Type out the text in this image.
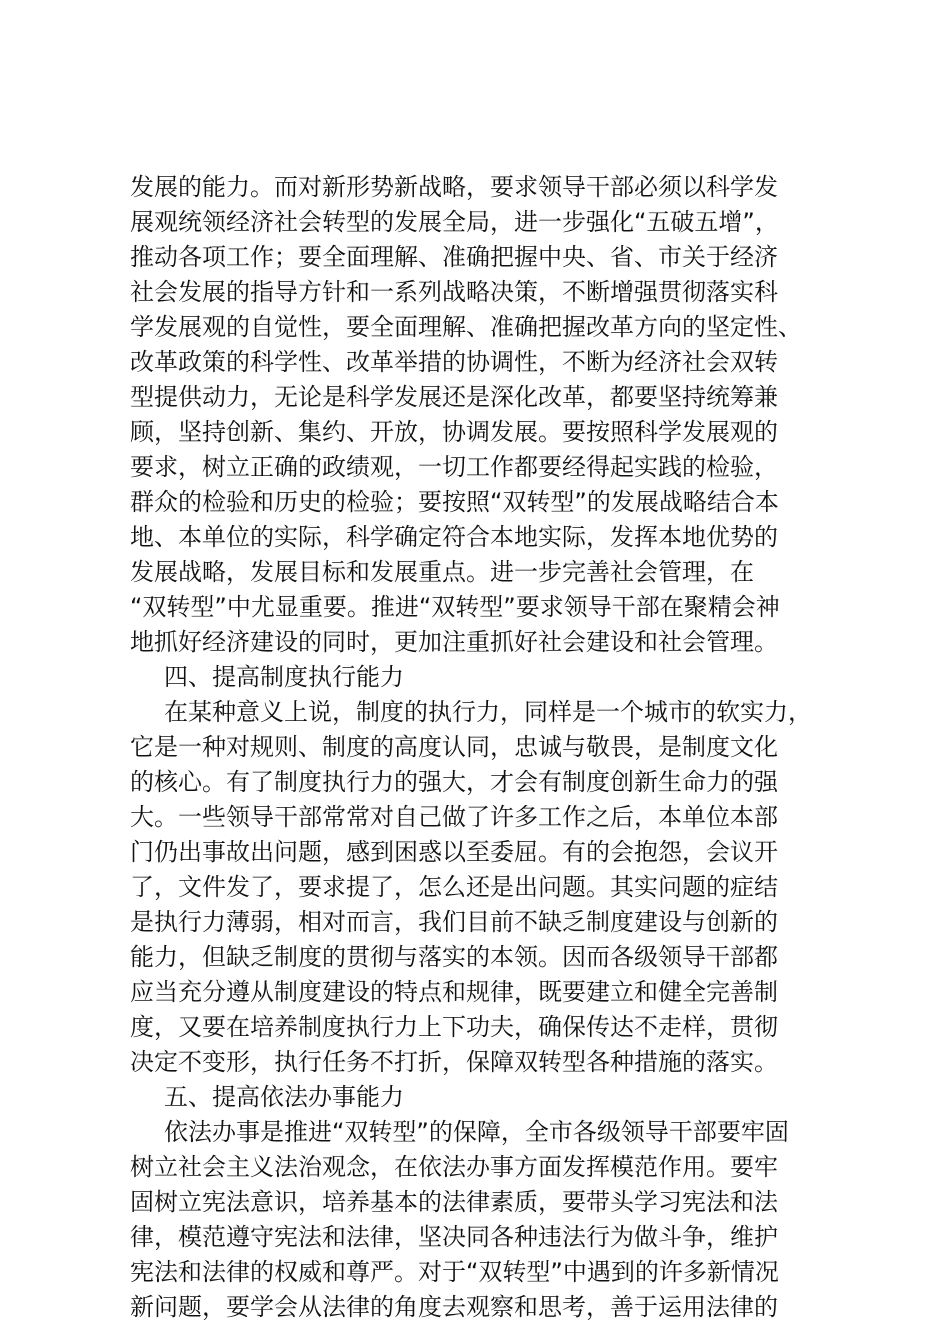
发展的能力。而对新形势新战略，要求领导干部必须以科学发
展观统领经济社会转型的发展全局，进一步强化“五破五增”，
推动各项工作；要全面理解、准确把握中央、省、市关于经济
社会发展的指导方针和一系列战略决策，不断增强贯彻落实科
学发展观的自觉性，要全面理解、准确把握改革方向的坚定性、
改革政策的科学性、改革举措的协调性，不断为经济社会双转
型提供动力，无论是科学发展还是深化改革，都要坚持统筹兼
顾，坚持创新、集约、开放，协调发展。要按照科学发展观的
要求，树立正确的政绩观，一切工作都要经得起实践的检验，
群众的检验和历史的检验；要按照“双转型”的发展战略结合本
地、本单位的实际，科学确定符合本地实际，发挥本地优势的
发展战略，发展目标和发展重点。进一步完善社会管理，在
“双转型”中尤显重要。推进“双转型”要求领导干部在聚精会神
地抓好经济建设的同时，更加注重抓好社会建设和社会管理。
四、提高制度执行能力
在某种意义上说，制度的执行力，同样是一个城市的软实力，
它是一种对规则、制度的高度认同，忠诚与敬畏，是制度文化
的核心。有了制度执行力的强大，才会有制度创新生命力的强
大。一些领导干部常常对自己做了许多工作之后，本单位本部
门仍出事故出问题，感到困惑以至委屈。有的会抱怨，会议开
了，文件发了，要求提了，怎么还是出问题。其实问题的症结
是执行力薄弱，相对而言，我们目前不缺乏制度建设与创新的
能力，但缺乏制度的贯彻与落实的本领。因而各级领导干部都
应当充分遵从制度建设的特点和规律，既要建立和健全完善制
度，又要在培养制度执行力上下功夫，确保传达不走样，贯彻
决定不变形，执行任务不打折，保障双转型各种措施的落实。
五、提高依法办事能力
依法办事是推进“双转型”的保障，全市各级领导干部要牢固
树立社会主义法治观念，在依法办事方面发挥模范作用。要牢
固树立宪法意识，培养基本的法律素质，要带头学习宪法和法
律，模范遵守宪法和法律，坚决同各种违法行为做斗争，维护
宪法和法律的权威和尊严。对于“双转型”中遇到的许多新情况
新问题，要学会从法律的角度去观察和思考，善于运用法律的
